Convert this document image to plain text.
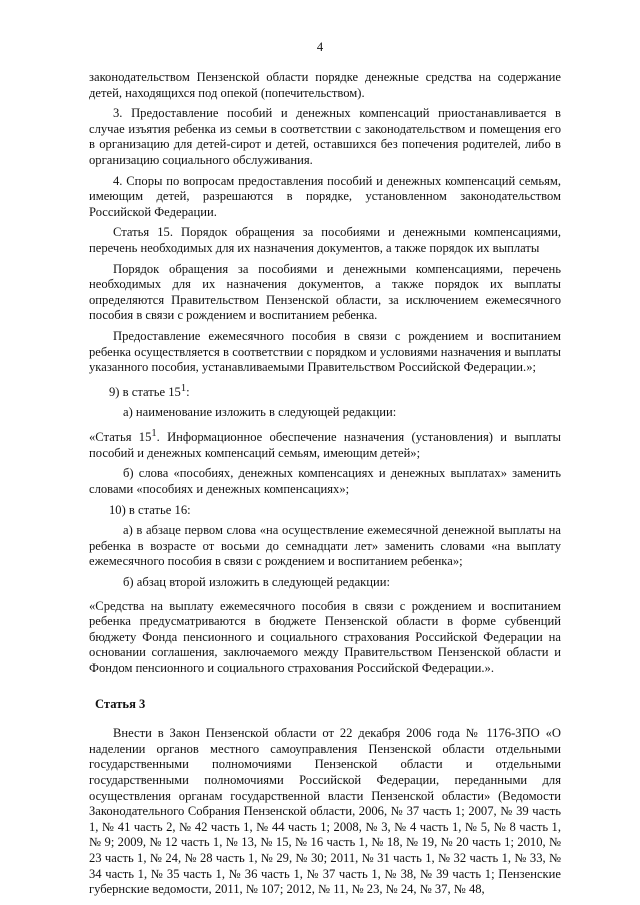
4

законодательством Пензенской области порядке денежные средства на содержание детей, находящихся под опекой (попечительством).

3. Предоставление пособий и денежных компенсаций приостанавливается в случае изъятия ребенка из семьи в соответствии с законодательством и помещения его в организацию для детей-сирот и детей, оставшихся без попечения родителей, либо в организацию социального обслуживания.

4. Споры по вопросам предоставления пособий и денежных компенсаций семьям, имеющим детей, разрешаются в порядке, установленном законодательством Российской Федерации.

Статья 15. Порядок обращения за пособиями и денежными компенсациями, перечень необходимых для их назначения документов, а также порядок их выплаты

Порядок обращения за пособиями и денежными компенсациями, перечень необходимых для их назначения документов, а также порядок их выплаты определяются Правительством Пензенской области, за исключением ежемесячного пособия в связи с рождением и воспитанием ребенка.

Предоставление ежемесячного пособия в связи с рождением и воспитанием ребенка осуществляется в соответствии с порядком и условиями назначения и выплаты указанного пособия, устанавливаемыми Правительством Российской Федерации.»;

9) в статье $15^1$:

а) наименование изложить в следующей редакции:

«Статья $15^1$. Информационное обеспечение назначения (установления) и выплаты пособий и денежных компенсаций семьям, имеющим детей»;

б) слова «пособиях, денежных компенсациях и денежных выплатах» заменить словами «пособиях и денежных компенсациях»;

10) в статье 16:

а) в абзаце первом слова «на осуществление ежемесячной денежной выплаты на ребенка в возрасте от восьми до семнадцати лет» заменить словами «на выплату ежемесячного пособия в связи с рождением и воспитанием ребенка»;

б) абзац второй изложить в следующей редакции:

«Средства на выплату ежемесячного пособия в связи с рождением и воспитанием ребенка предусматриваются в бюджете Пензенской области в форме субвенций бюджету Фонда пенсионного и социального страхования Российской Федерации на основании соглашения, заключаемого между Правительством Пензенской области и Фондом пенсионного и социального страхования Российской Федерации.».

Статья 3

Внести в Закон Пензенской области от 22 декабря 2006 года № 1176-ЗПО «О наделении органов местного самоуправления Пензенской области отдельными государственными полномочиями Пензенской области и отдельными государственными полномочиями Российской Федерации, переданными для осуществления органам государственной власти Пензенской области» (Ведомости Законодательного Собрания Пензенской области, 2006, № 37 часть 1; 2007, № 39 часть 1, № 41 часть 2, № 42 часть 1, № 44 часть 1; 2008, № 3, № 4 часть 1, № 5, № 8 часть 1, № 9; 2009, № 12 часть 1, № 13, № 15, № 16 часть 1, № 18, № 19, № 20 часть 1; 2010, № 23 часть 1, № 24, № 28 часть 1, № 29, № 30; 2011, № 31 часть 1, № 32 часть 1, № 33, № 34 часть 1, № 35 часть 1, № 36 часть 1, № 37 часть 1, № 38, № 39 часть 1; Пензенские губернские ведомости, 2011, № 107; 2012, № 11, № 23, № 24, № 37, № 48,
